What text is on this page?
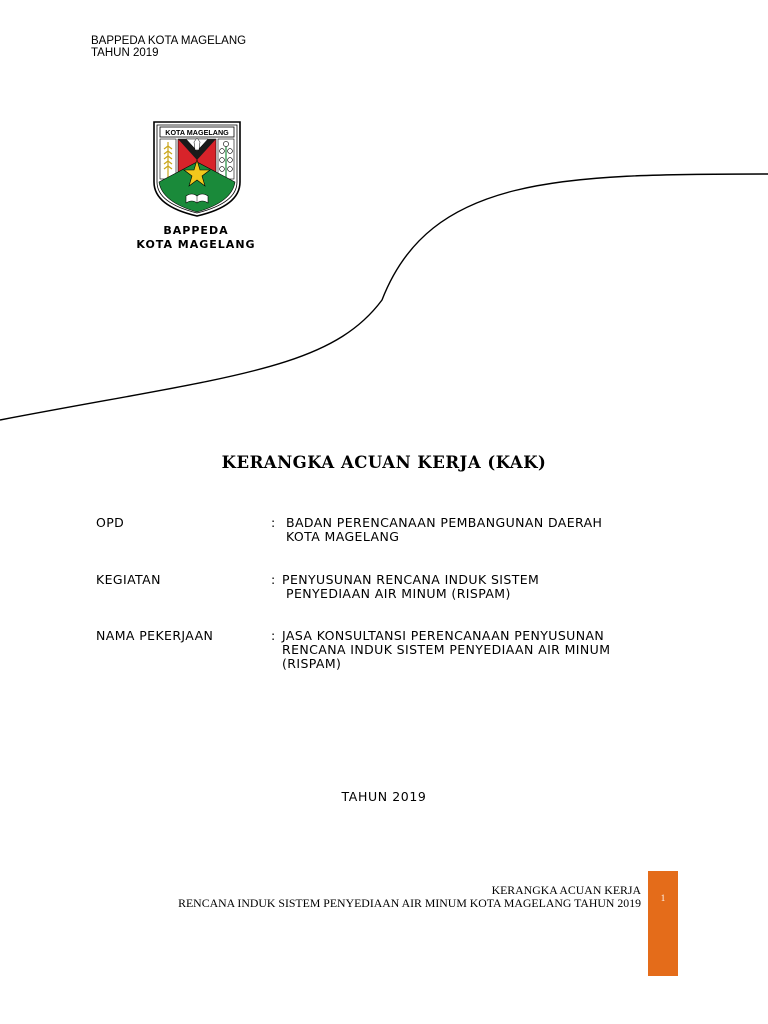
BAPPEDA KOTA MAGELANG
TAHUN 2019
KOTA MAGELANG
BAPPEDA
KOTA MAGELANG
KERANGKA ACUAN KERJA (KAK)
OPD	: BADAN PERENCANAAN PEMBANGUNAN DAERAH
KOTA MAGELANG
KEGIATAN	: PENYUSUNAN RENCANA INDUK SISTEM
PENYEDIAAN AIR MINUM (RISPAM)
NAMA PEKERJAAN	: JASA KONSULTANSI PERENCANAAN PENYUSUNAN
RENCANA INDUK SISTEM PENYEDIAAN AIR MINUM
(RISPAM)
TAHUN 2019
KERANGKA ACUAN KERJA
RENCANA INDUK SISTEM PENYEDIAAN AIR MINUM KOTA MAGELANG TAHUN 2019	1
